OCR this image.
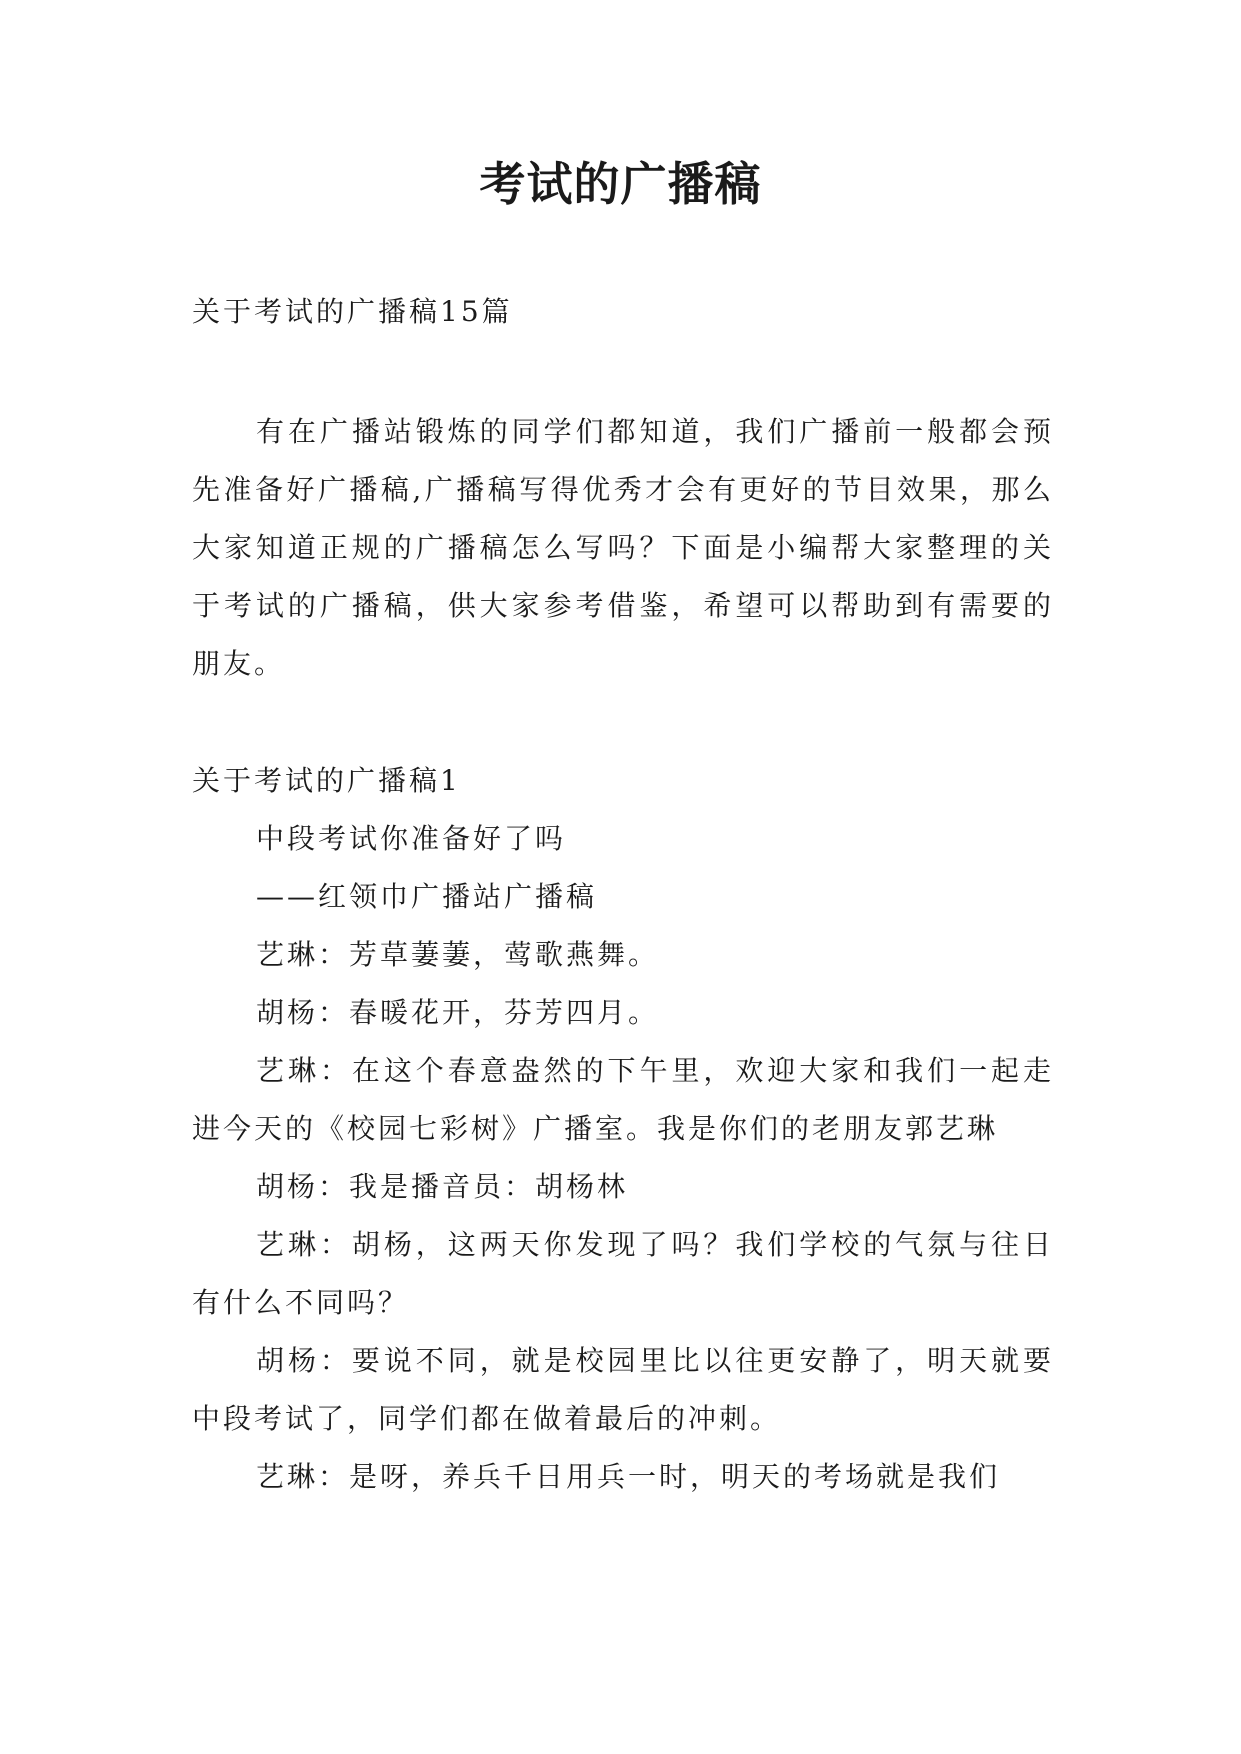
考试的广播稿
关于考试的广播稿15篇

有在广播站锻炼的同学们都知道，我们广播前一般都会预先准备好广播稿,广播稿写得优秀才会有更好的节目效果，那么大家知道正规的广播稿怎么写吗？下面是小编帮大家整理的关于考试的广播稿，供大家参考借鉴，希望可以帮助到有需要的朋友。

关于考试的广播稿1

中段考试你准备好了吗

——红领巾广播站广播稿

艺琳：芳草萋萋，莺歌燕舞。

胡杨：春暖花开，芬芳四月。

艺琳：在这个春意盎然的下午里，欢迎大家和我们一起走进今天的《校园七彩树》广播室。我是你们的老朋友郭艺琳

胡杨：我是播音员：胡杨林

艺琳：胡杨，这两天你发现了吗？我们学校的气氛与往日有什么不同吗？

胡杨：要说不同，就是校园里比以往更安静了，明天就要中段考试了，同学们都在做着最后的冲刺。

艺琳：是呀，养兵千日用兵一时，明天的考场就是我们
